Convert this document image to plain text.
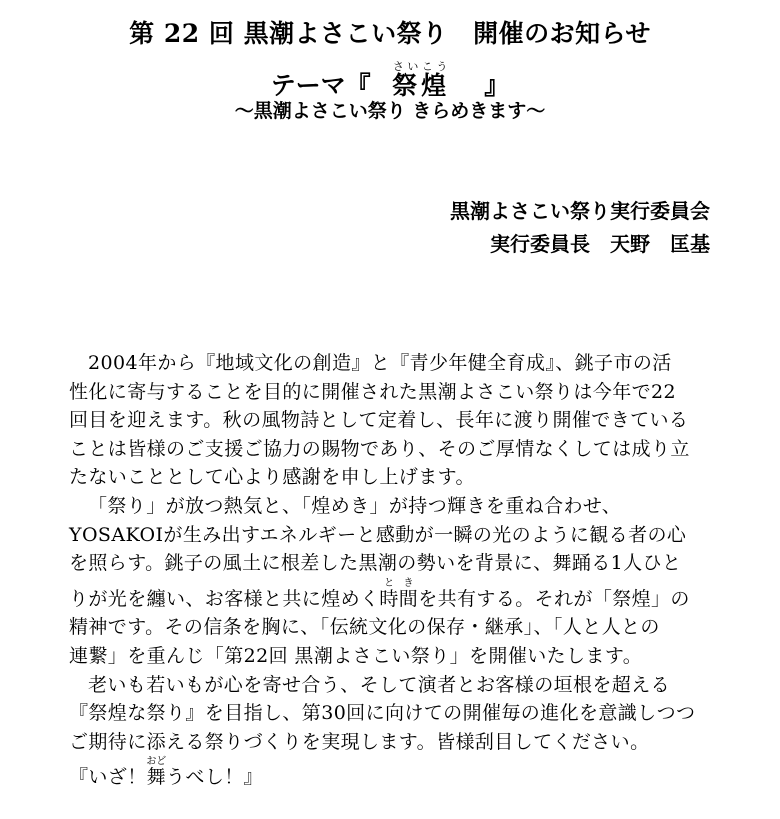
第 22 回 黒潮よさこい祭り　開催のお知らせ
テーマ『 祭さい煌こう   』
～黒潮よさこい祭り きらめきます～
黒潮よさこい祭り実行委員会
実行委員長　天野　匡基

2004年から『地域文化の創造』と『青少年健全育成』、銚子市の活
性化に寄与することを目的に開催された黒潮よさこい祭りは今年で22
回目を迎えます。秋の風物詩として定着し、長年に渡り開催できている
ことは皆様のご支援ご協力の賜物であり、そのご厚情なくしては成り立
たないこととして心より感謝を申し上げます。

「祭り」が放つ熱気と、「煌めき」が持つ輝きを重ね合わせ、
YOSAKOIが生み出すエネルギーと感動が一瞬の光のように観る者の心
を照らす。銚子の風土に根差した黒潮の勢いを背景に、舞踊る1人ひと
りが光を纏い、お客様と共に煌めく時間ときを共有する。それが「祭煌」の
精神です。その信条を胸に、「伝統文化の保存・継承」、「人と人との
連繋」を重んじ「第22回 黒潮よさこい祭り」を開催いたします。

老いも若いもが心を寄せ合う、そして演者とお客様の垣根を超える
『祭煌な祭り』を目指し、第30回に向けての開催毎の進化を意識しつつ
ご期待に添える祭りづくりを実現します。皆様刮目してください。
『いざ！舞おどうべし！』
